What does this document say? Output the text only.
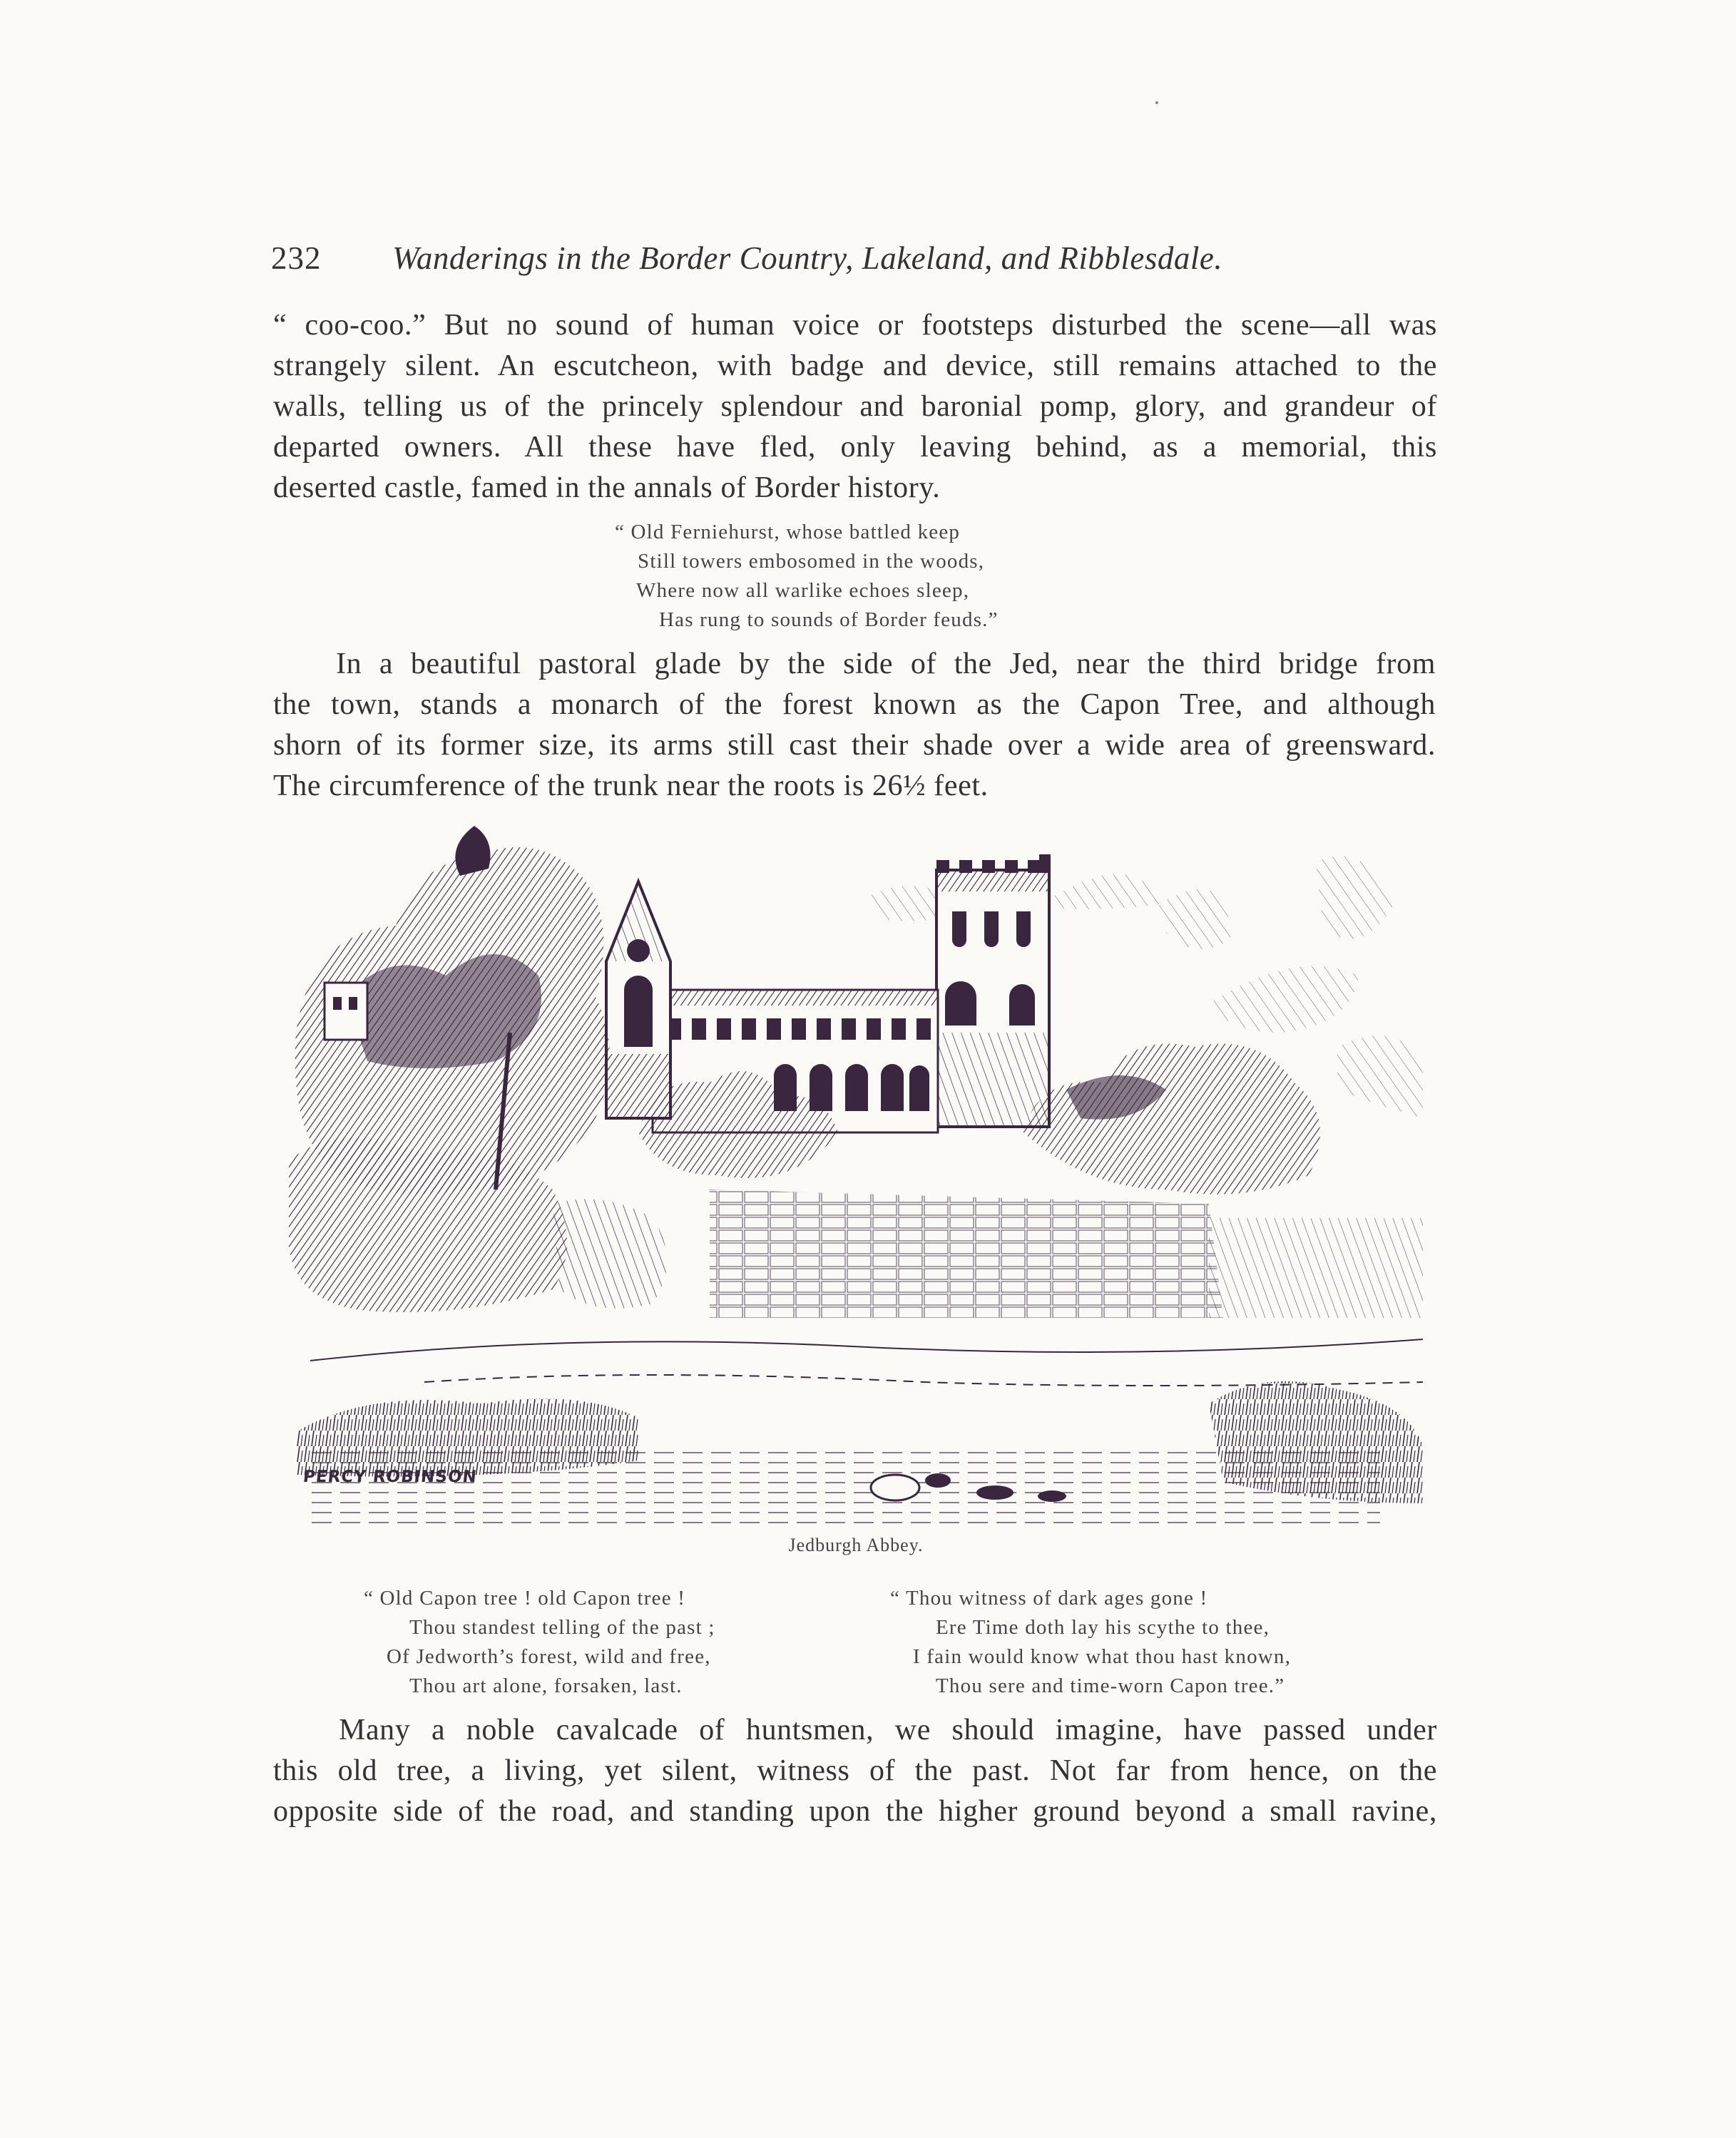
232	Wanderings in the Border Country, Lakeland, and Ribblesdale.
“ coo-coo.” But no sound of human voice or footsteps disturbed the scene—all was
strangely silent. An escutcheon, with badge and device, still remains attached to the
walls, telling us of the princely splendour and baronial pomp, glory, and grandeur of
departed owners. All these have fled, only leaving behind, as a memorial, this
deserted castle, famed in the annals of Border history.
“ Old Ferniehurst, whose battled keep
Still towers embosomed in the woods,
Where now all warlike echoes sleep,
Has rung to sounds of Border feuds.”
In a beautiful pastoral glade by the side of the Jed, near the third bridge from
the town, stands a monarch of the forest known as the Capon Tree, and although
shorn of its former size, its arms still cast their shade over a wide area of greensward.
The circumference of the trunk near the roots is 26½ feet.
PERCY ROBINSON
Jedburgh Abbey.
“ Old Capon tree ! old Capon tree !
Thou standest telling of the past ;
Of Jedworth’s forest, wild and free,
Thou art alone, forsaken, last.
“ Thou witness of dark ages gone !
Ere Time doth lay his scythe to thee,
I fain would know what thou hast known,
Thou sere and time-worn Capon tree.”
Many a noble cavalcade of huntsmen, we should imagine, have passed under
this old tree, a living, yet silent, witness of the past. Not far from hence, on the
opposite side of the road, and standing upon the higher ground beyond a small ravine,
